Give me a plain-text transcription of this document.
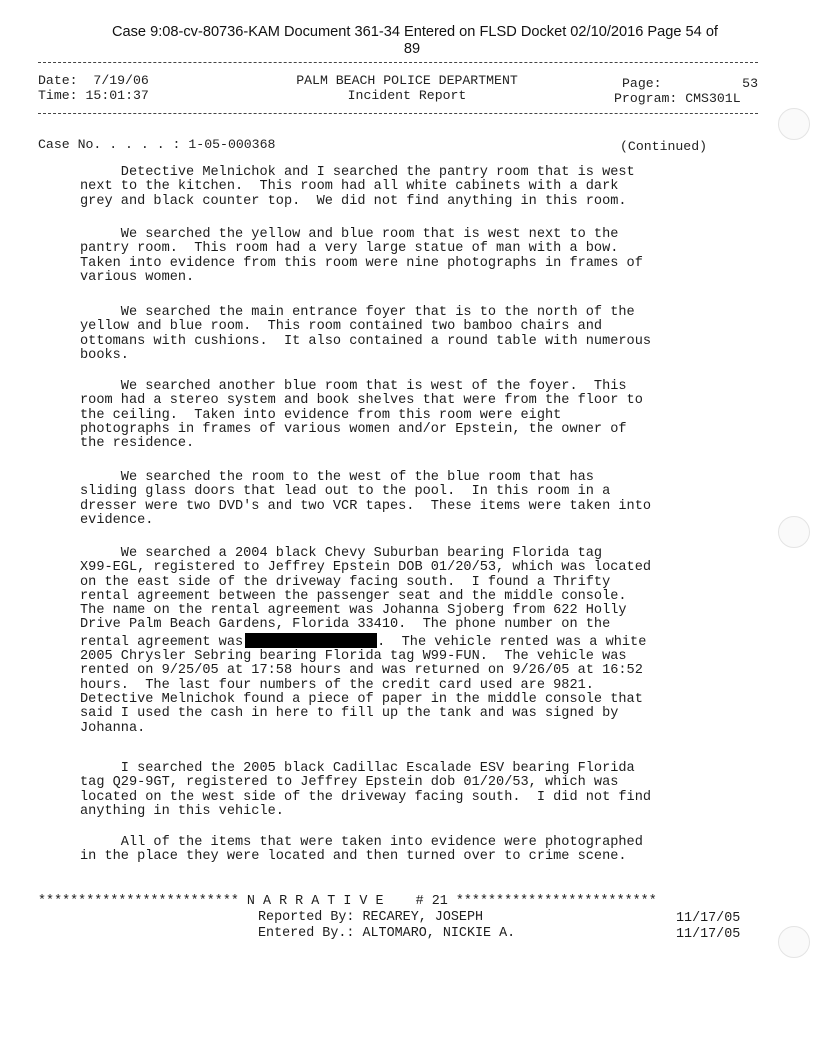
Case 9:08-cv-80736-KAM Document 361-34 Entered on FLSD Docket 02/10/2016 Page 54 of
89
Date: 7/19/06
Time: 15:01:37
PALM BEACH POLICE DEPARTMENT
Incident Report
Page:	53
Program: CMS301L
Case No. . . . . : 1-05-000368	(Continued)
Detective Melnichok and I searched the pantry room that is west
next to the kitchen.  This room had all white cabinets with a dark
grey and black counter top.  We did not find anything in this room.
We searched the yellow and blue room that is west next to the
pantry room.  This room had a very large statue of man with a bow.
Taken into evidence from this room were nine photographs in frames of
various women.
We searched the main entrance foyer that is to the north of the
yellow and blue room.  This room contained two bamboo chairs and
ottomans with cushions.  It also contained a round table with numerous
books.
We searched another blue room that is west of the foyer.  This
room had a stereo system and book shelves that were from the floor to
the ceiling.  Taken into evidence from this room were eight
photographs in frames of various women and/or Epstein, the owner of
the residence.
We searched the room to the west of the blue room that has
sliding glass doors that lead out to the pool.  In this room in a
dresser were two DVD's and two VCR tapes.  These items were taken into
evidence.
We searched a 2004 black Chevy Suburban bearing Florida tag
X99-EGL, registered to Jeffrey Epstein DOB 01/20/53, which was located
on the east side of the driveway facing south.  I found a Thrifty
rental agreement between the passenger seat and the middle console.
The name on the rental agreement was Johanna Sjoberg from 622 Holly
Drive Palm Beach Gardens, Florida 33410.  The phone number on the
rental agreement was	.  The vehicle rented was a white
2005 Chrysler Sebring bearing Florida tag W99-FUN.  The vehicle was
rented on 9/25/05 at 17:58 hours and was returned on 9/26/05 at 16:52
hours.  The last four numbers of the credit card used are 9821.
Detective Melnichok found a piece of paper in the middle console that
said I used the cash in here to fill up the tank and was signed by
Johanna.
I searched the 2005 black Cadillac Escalade ESV bearing Florida
tag Q29-9GT, registered to Jeffrey Epstein dob 01/20/53, which was
located on the west side of the driveway facing south.  I did not find
anything in this vehicle.
All of the items that were taken into evidence were photographed
in the place they were located and then turned over to crime scene.
************************* N A R R A T I V E    # 21 *************************
Reported By: RECAREY, JOSEPH	11/17/05
Entered By.: ALTOMARO, NICKIE A.	11/17/05
